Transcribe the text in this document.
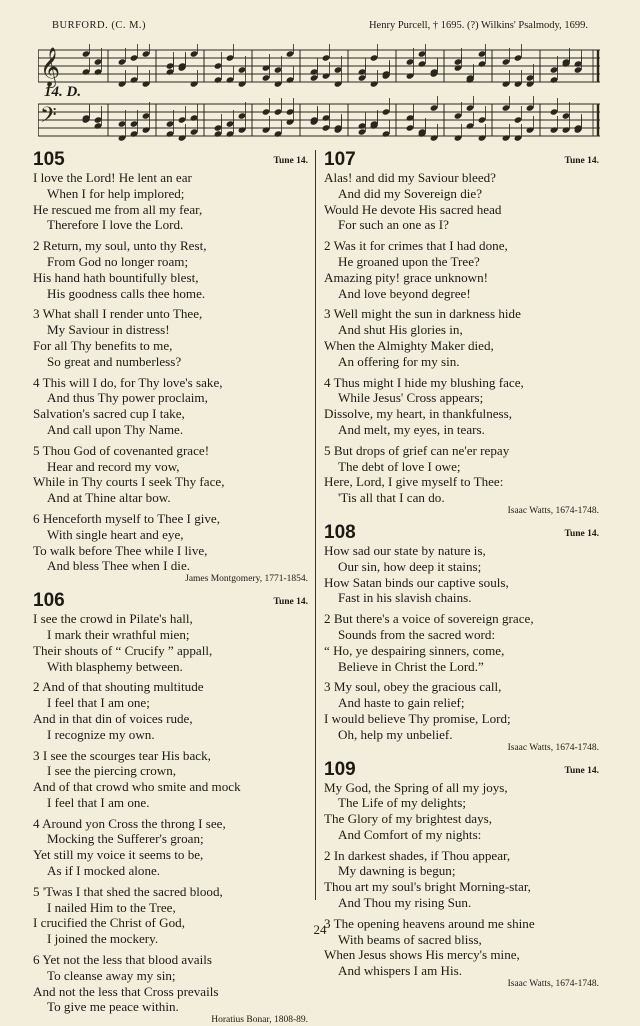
BURFORD. (C. M.)	Henry Purcell, † 1695. (?) Wilkins' Psalmody, 1699.
𝄞
14. D.
𝄢
105	Tune 14.
I love the Lord! He lent an ear
When I for help implored;
He rescued me from all my fear,
Therefore I love the Lord.
2 Return, my soul, unto thy Rest,
From God no longer roam;
His hand hath bountifully blest,
His goodness calls thee home.
3 What shall I render unto Thee,
My Saviour in distress!
For all Thy benefits to me,
So great and numberless?
4 This will I do, for Thy love's sake,
And thus Thy power proclaim,
Salvation's sacred cup I take,
And call upon Thy Name.
5 Thou God of covenanted grace!
Hear and record my vow,
While in Thy courts I seek Thy face,
And at Thine altar bow.
6 Henceforth myself to Thee I give,
With single heart and eye,
To walk before Thee while I live,
And bless Thee when I die.
James Montgomery, 1771-1854.
106	Tune 14.
I see the crowd in Pilate's hall,
I mark their wrathful mien;
Their shouts of “ Crucify ” appall,
With blasphemy between.
2 And of that shouting multitude
I feel that I am one;
And in that din of voices rude,
I recognize my own.
3 I see the scourges tear His back,
I see the piercing crown,
And of that crowd who smite and mock
I feel that I am one.
4 Around yon Cross the throng I see,
Mocking the Sufferer's groan;
Yet still my voice it seems to be,
As if I mocked alone.
5 'Twas I that shed the sacred blood,
I nailed Him to the Tree,
I crucified the Christ of God,
I joined the mockery.
6 Yet not the less that blood avails
To cleanse away my sin;
And not the less that Cross prevails
To give me peace within.
Horatius Bonar, 1808-89.
107	Tune 14.
Alas! and did my Saviour bleed?
And did my Sovereign die?
Would He devote His sacred head
For such an one as I?
2 Was it for crimes that I had done,
He groaned upon the Tree?
Amazing pity! grace unknown!
And love beyond degree!
3 Well might the sun in darkness hide
And shut His glories in,
When the Almighty Maker died,
An offering for my sin.
4 Thus might I hide my blushing face,
While Jesus' Cross appears;
Dissolve, my heart, in thankfulness,
And melt, my eyes, in tears.
5 But drops of grief can ne'er repay
The debt of love I owe;
Here, Lord, I give myself to Thee:
'Tis all that I can do.
Isaac Watts, 1674-1748.
108	Tune 14.
How sad our state by nature is,
Our sin, how deep it stains;
How Satan binds our captive souls,
Fast in his slavish chains.
2 But there's a voice of sovereign grace,
Sounds from the sacred word:
“ Ho, ye despairing sinners, come,
Believe in Christ the Lord.”
3 My soul, obey the gracious call,
And haste to gain relief;
I would believe Thy promise, Lord;
Oh, help my unbelief.
Isaac Watts, 1674-1748.
109	Tune 14.
My God, the Spring of all my joys,
The Life of my delights;
The Glory of my brightest days,
And Comfort of my nights:
2 In darkest shades, if Thou appear,
My dawning is begun;
Thou art my soul's bright Morning-star,
And Thou my rising Sun.
3 The opening heavens around me shine
With beams of sacred bliss,
When Jesus shows His mercy's mine,
And whispers I am His.
Isaac Watts, 1674-1748.
24
